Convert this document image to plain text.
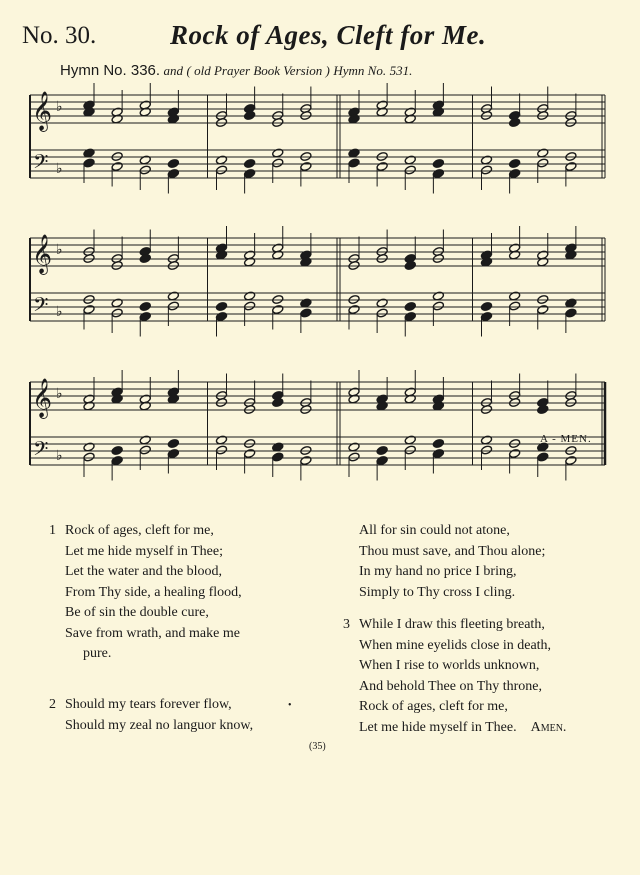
No. 30.	Rock of Ages, Cleft for Me.
Hymn No. 336. and ( old Prayer Book Version ) Hymn No. 531.
𝄞
𝄢
♭
♭
𝄞
𝄢
♭
♭
𝄞
𝄢
♭
♭
A - MEN.
1 Rock of ages, cleft for me,
Let me hide myself in Thee;
Let the water and the blood,
From Thy side, a healing flood,
Be of sin the double cure,
Save from wrath, and make me
pure.
2 Should my tears forever flow,
Should my zeal no languor know,
All for sin could not atone,
Thou must save, and Thou alone;
In my hand no price I bring,
Simply to Thy cross I cling.
3 While I draw this fleeting breath,
When mine eyelids close in death,
When I rise to worlds unknown,
And behold Thee on Thy throne,
Rock of ages, cleft for me,
Let me hide myself in Thee. Amen.
•
(35)
